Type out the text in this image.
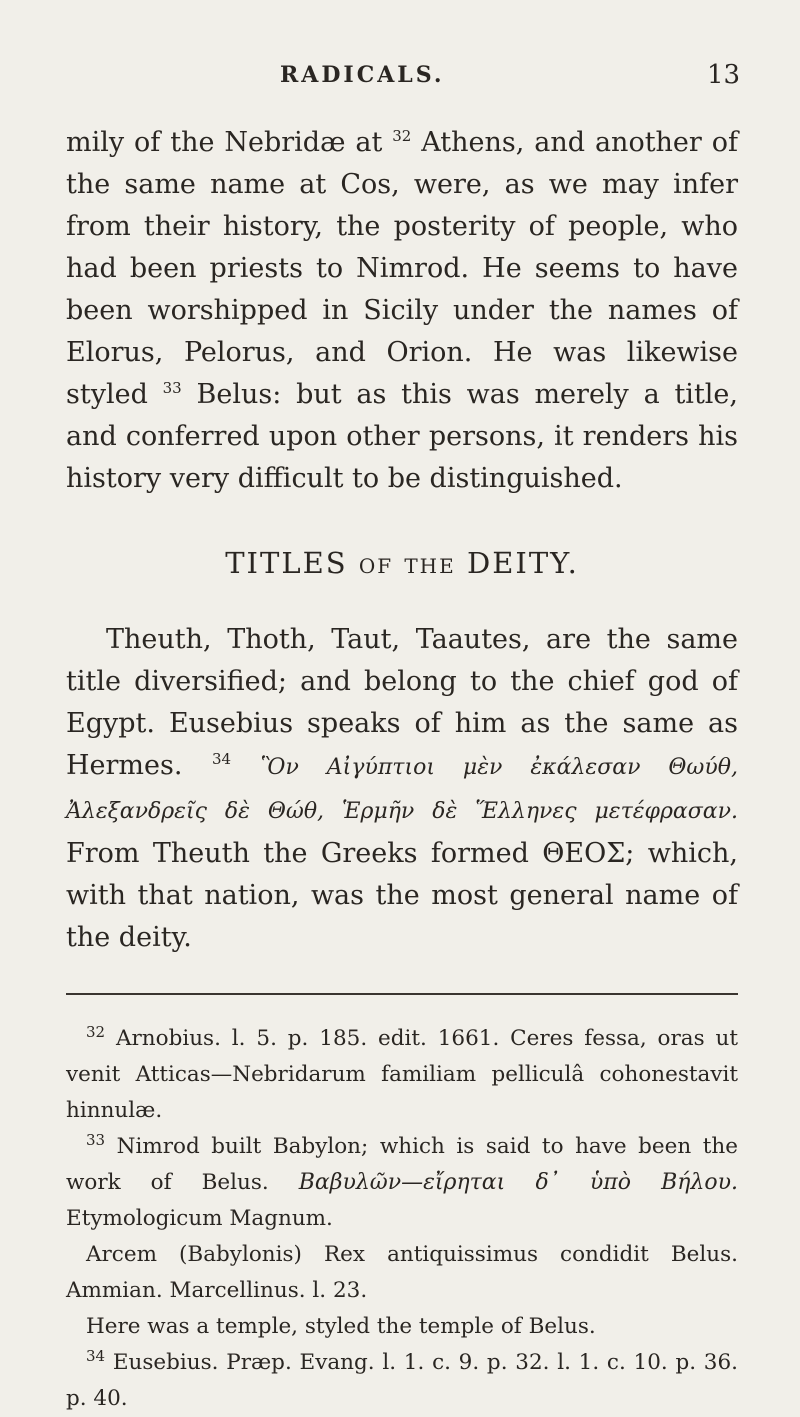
RADICALS.	13

mily of the Nebridæ at $^{32}$ Athens, and another of the same name at Cos, were, as we may infer from their history, the posterity of people, who had been priests to Nimrod. He seems to have been worshipped in Sicily under the names of Elorus, Pelorus, and Orion. He was likewise styled $^{33}$ Belus: but as this was merely a title, and conferred upon other persons, it renders his history very difficult to be distinguished.

TITLES OF THE DEITY.

Theuth, Thoth, Taut, Taautes, are the same title diversified; and belong to the chief god of Egypt. Eusebius speaks of him as the same as Hermes. $^{34}$ Ὃν Αἰγύπτιοι μὲν ἐκάλεσαν Θωύθ, Ἀλεξανδρεῖς δὲ Θώθ, Ἑρμῆν δὲ Ἕλληνες μετέφρασαν. From Theuth the Greeks formed ΘΕΟΣ; which, with that nation, was the most general name of the deity.

$^{32}$ Arnobius. l. 5. p. 185. edit. 1661. Ceres fessa, oras ut venit Atticas—Nebridarum familiam pelliculâ cohonestavit hinnulæ.

$^{33}$ Nimrod built Babylon; which is said to have been the work of Belus. Βαβυλῶν—εἴρηται δ᾽ ὑπὸ Βήλου. Etymologicum Magnum.

Arcem (Babylonis) Rex antiquissimus condidit Belus. Ammian. Marcellinus. l. 23.

Here was a temple, styled the temple of Belus.

$^{34}$ Eusebius. Præp. Evang. l. 1. c. 9. p. 32. l. 1. c. 10. p. 36. p. 40.
